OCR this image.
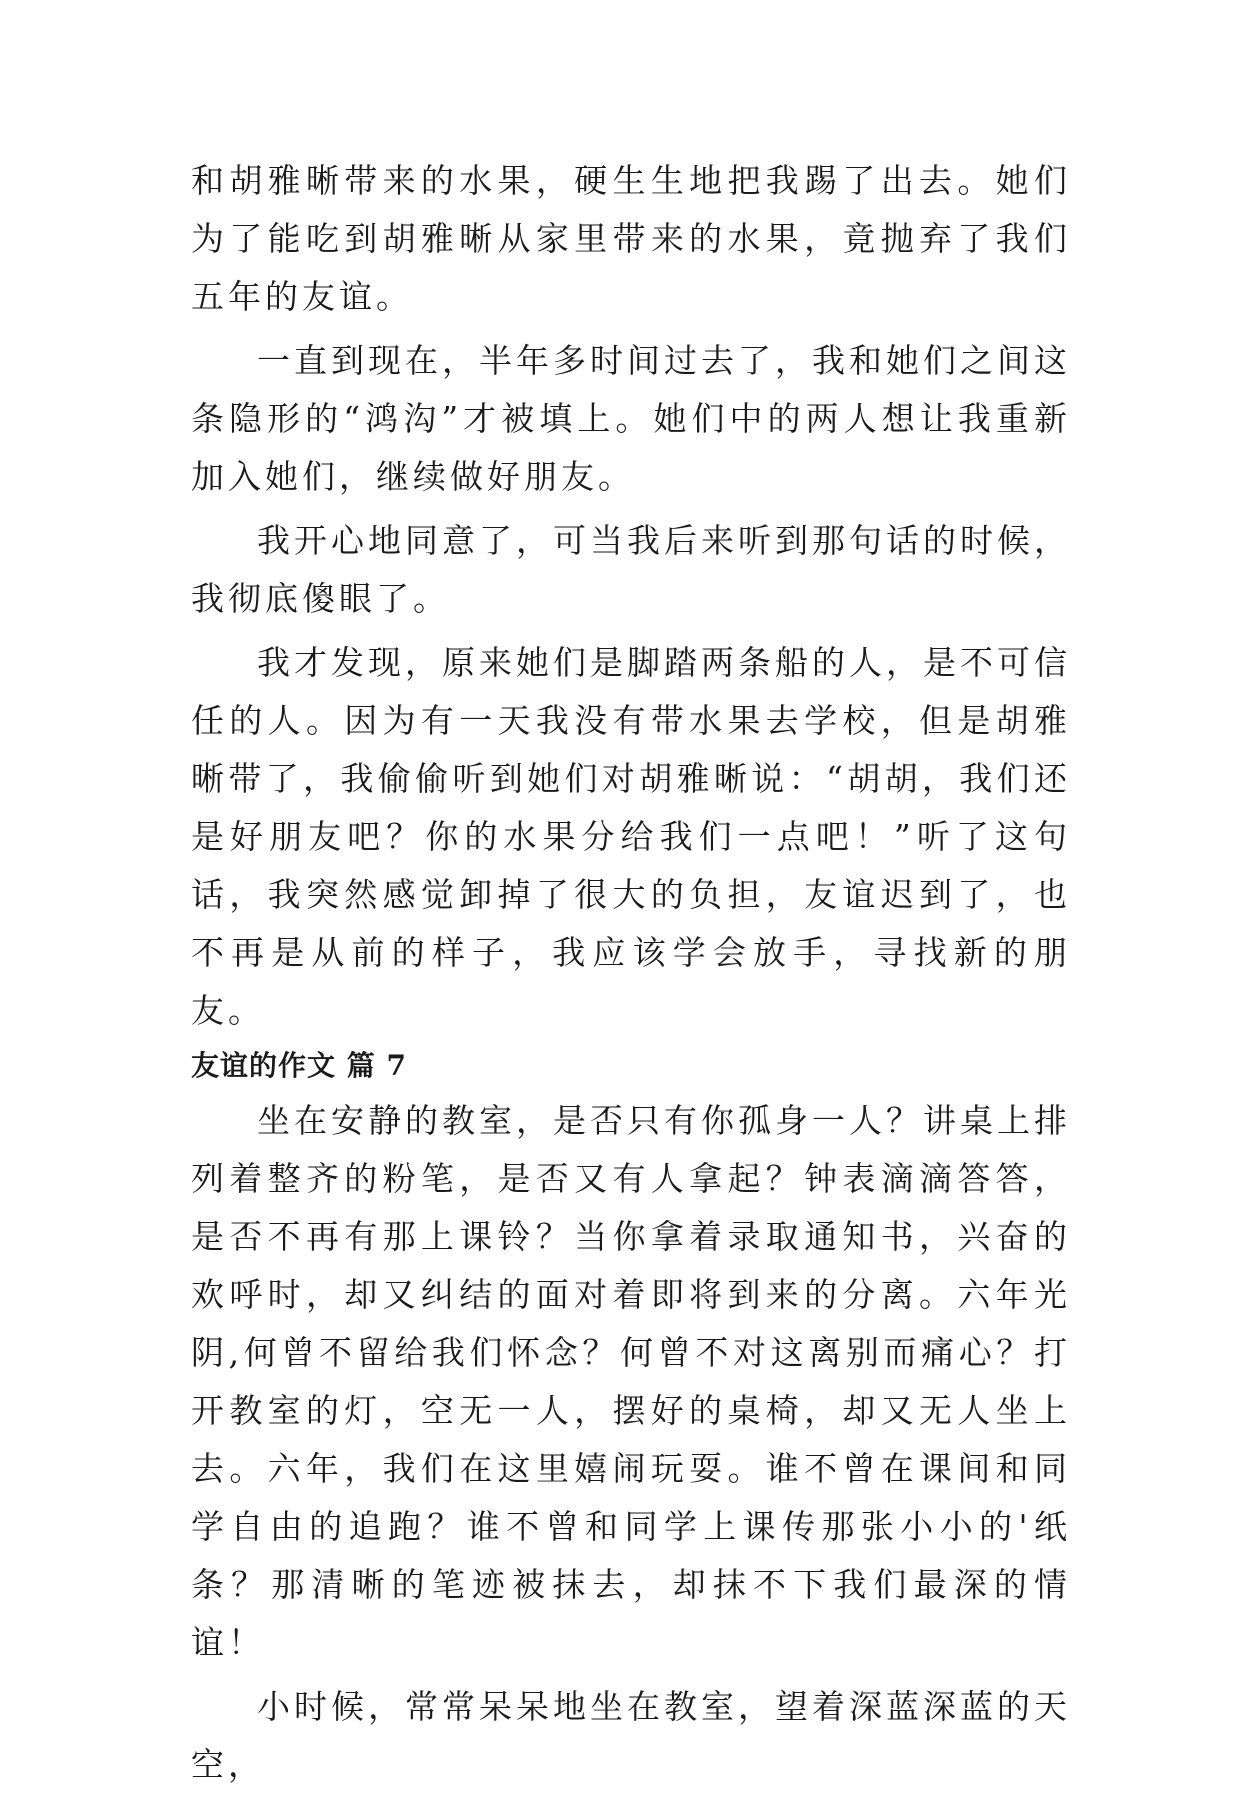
和胡雅晰带来的水果，硬生生地把我踢了出去。她们为了能吃到胡雅晰从家里带来的水果，竟抛弃了我们五年的友谊。

一直到现在，半年多时间过去了，我和她们之间这条隐形的“鸿沟”才被填上。她们中的两人想让我重新加入她们，继续做好朋友。

我开心地同意了，可当我后来听到那句话的时候，我彻底傻眼了。

我才发现，原来她们是脚踏两条船的人，是不可信任的人。因为有一天我没有带水果去学校，但是胡雅晰带了，我偷偷听到她们对胡雅晰说：“胡胡，我们还是好朋友吧？你的水果分给我们一点吧！”听了这句话，我突然感觉卸掉了很大的负担，友谊迟到了，也不再是从前的样子，我应该学会放手，寻找新的朋友。

友谊的作文 篇 7

坐在安静的教室，是否只有你孤身一人？讲桌上排列着整齐的粉笔，是否又有人拿起？钟表滴滴答答，是否不再有那上课铃？当你拿着录取通知书，兴奋的欢呼时，却又纠结的面对着即将到来的分离。六年光阴,何曾不留给我们怀念？何曾不对这离别而痛心？打开教室的灯，空无一人，摆好的桌椅，却又无人坐上去。六年，我们在这里嬉闹玩耍。谁不曾在课间和同学自由的追跑？谁不曾和同学上课传那张小小的'纸条？那清晰的笔迹被抹去，却抹不下我们最深的情谊！

小时候，常常呆呆地坐在教室，望着深蓝深蓝的天空，
